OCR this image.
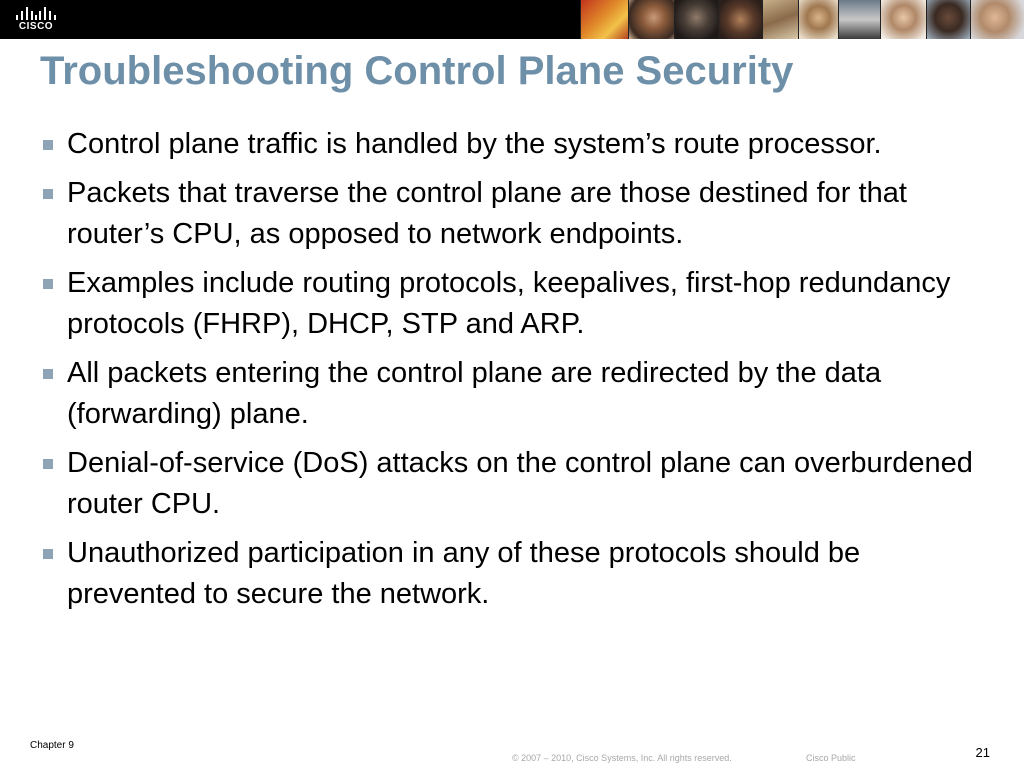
CISCO
Troubleshooting Control Plane Security
Control plane traffic is handled by the system’s route processor.
Packets that traverse the control plane are those destined for that router’s CPU, as opposed to network endpoints.
Examples include routing protocols, keepalives, first-hop redundancy protocols (FHRP), DHCP, STP and ARP.
All packets entering the control plane are redirected by the data (forwarding) plane.
Denial-of-service (DoS) attacks on the control plane can overburdened router CPU.
Unauthorized participation in any of these protocols should be prevented to secure the network.
Chapter 9
© 2007 – 2010, Cisco Systems, Inc. All rights reserved.	Cisco Public	21
